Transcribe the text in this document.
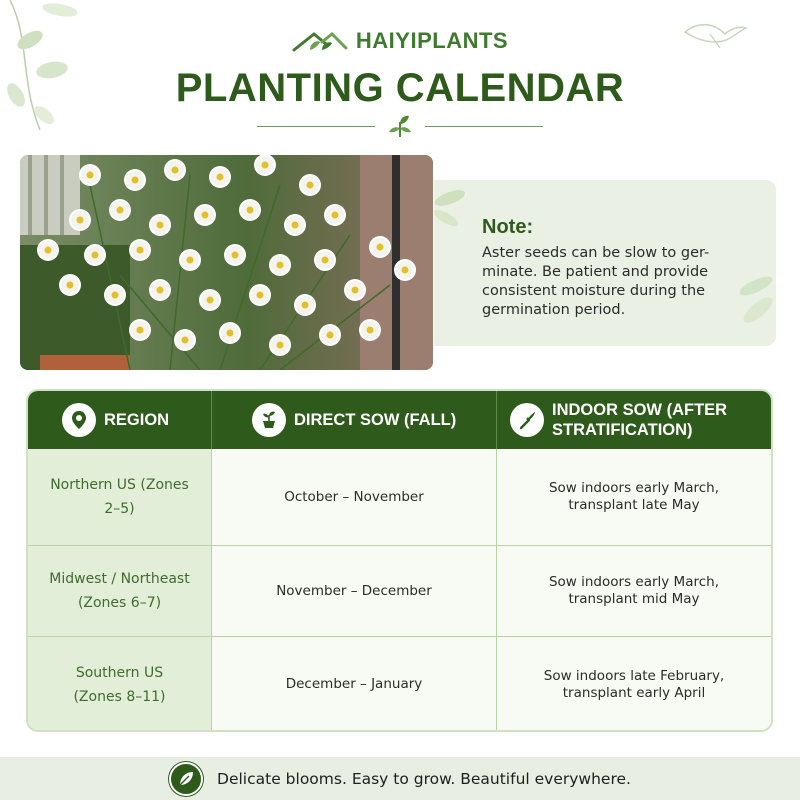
HAIYIPLANTS
PLANTING CALENDAR
Note:
Aster seeds can be slow to ger-minate. Be patient and provide consistent moisture during the germination period.
REGION	DIRECT SOW (FALL)
INDOOR SOW (AFTER STRATIFICATION)
Northern US (Zones 2–5)
October – November
Sow indoors early March, transplant late May
Midwest / Northeast (Zones 6–7)
November – December
Sow indoors early March, transplant mid May
Southern US (Zones 8–11)
December – January
Sow indoors late February, transplant early April
Delicate blooms. Easy to grow. Beautiful everywhere.
